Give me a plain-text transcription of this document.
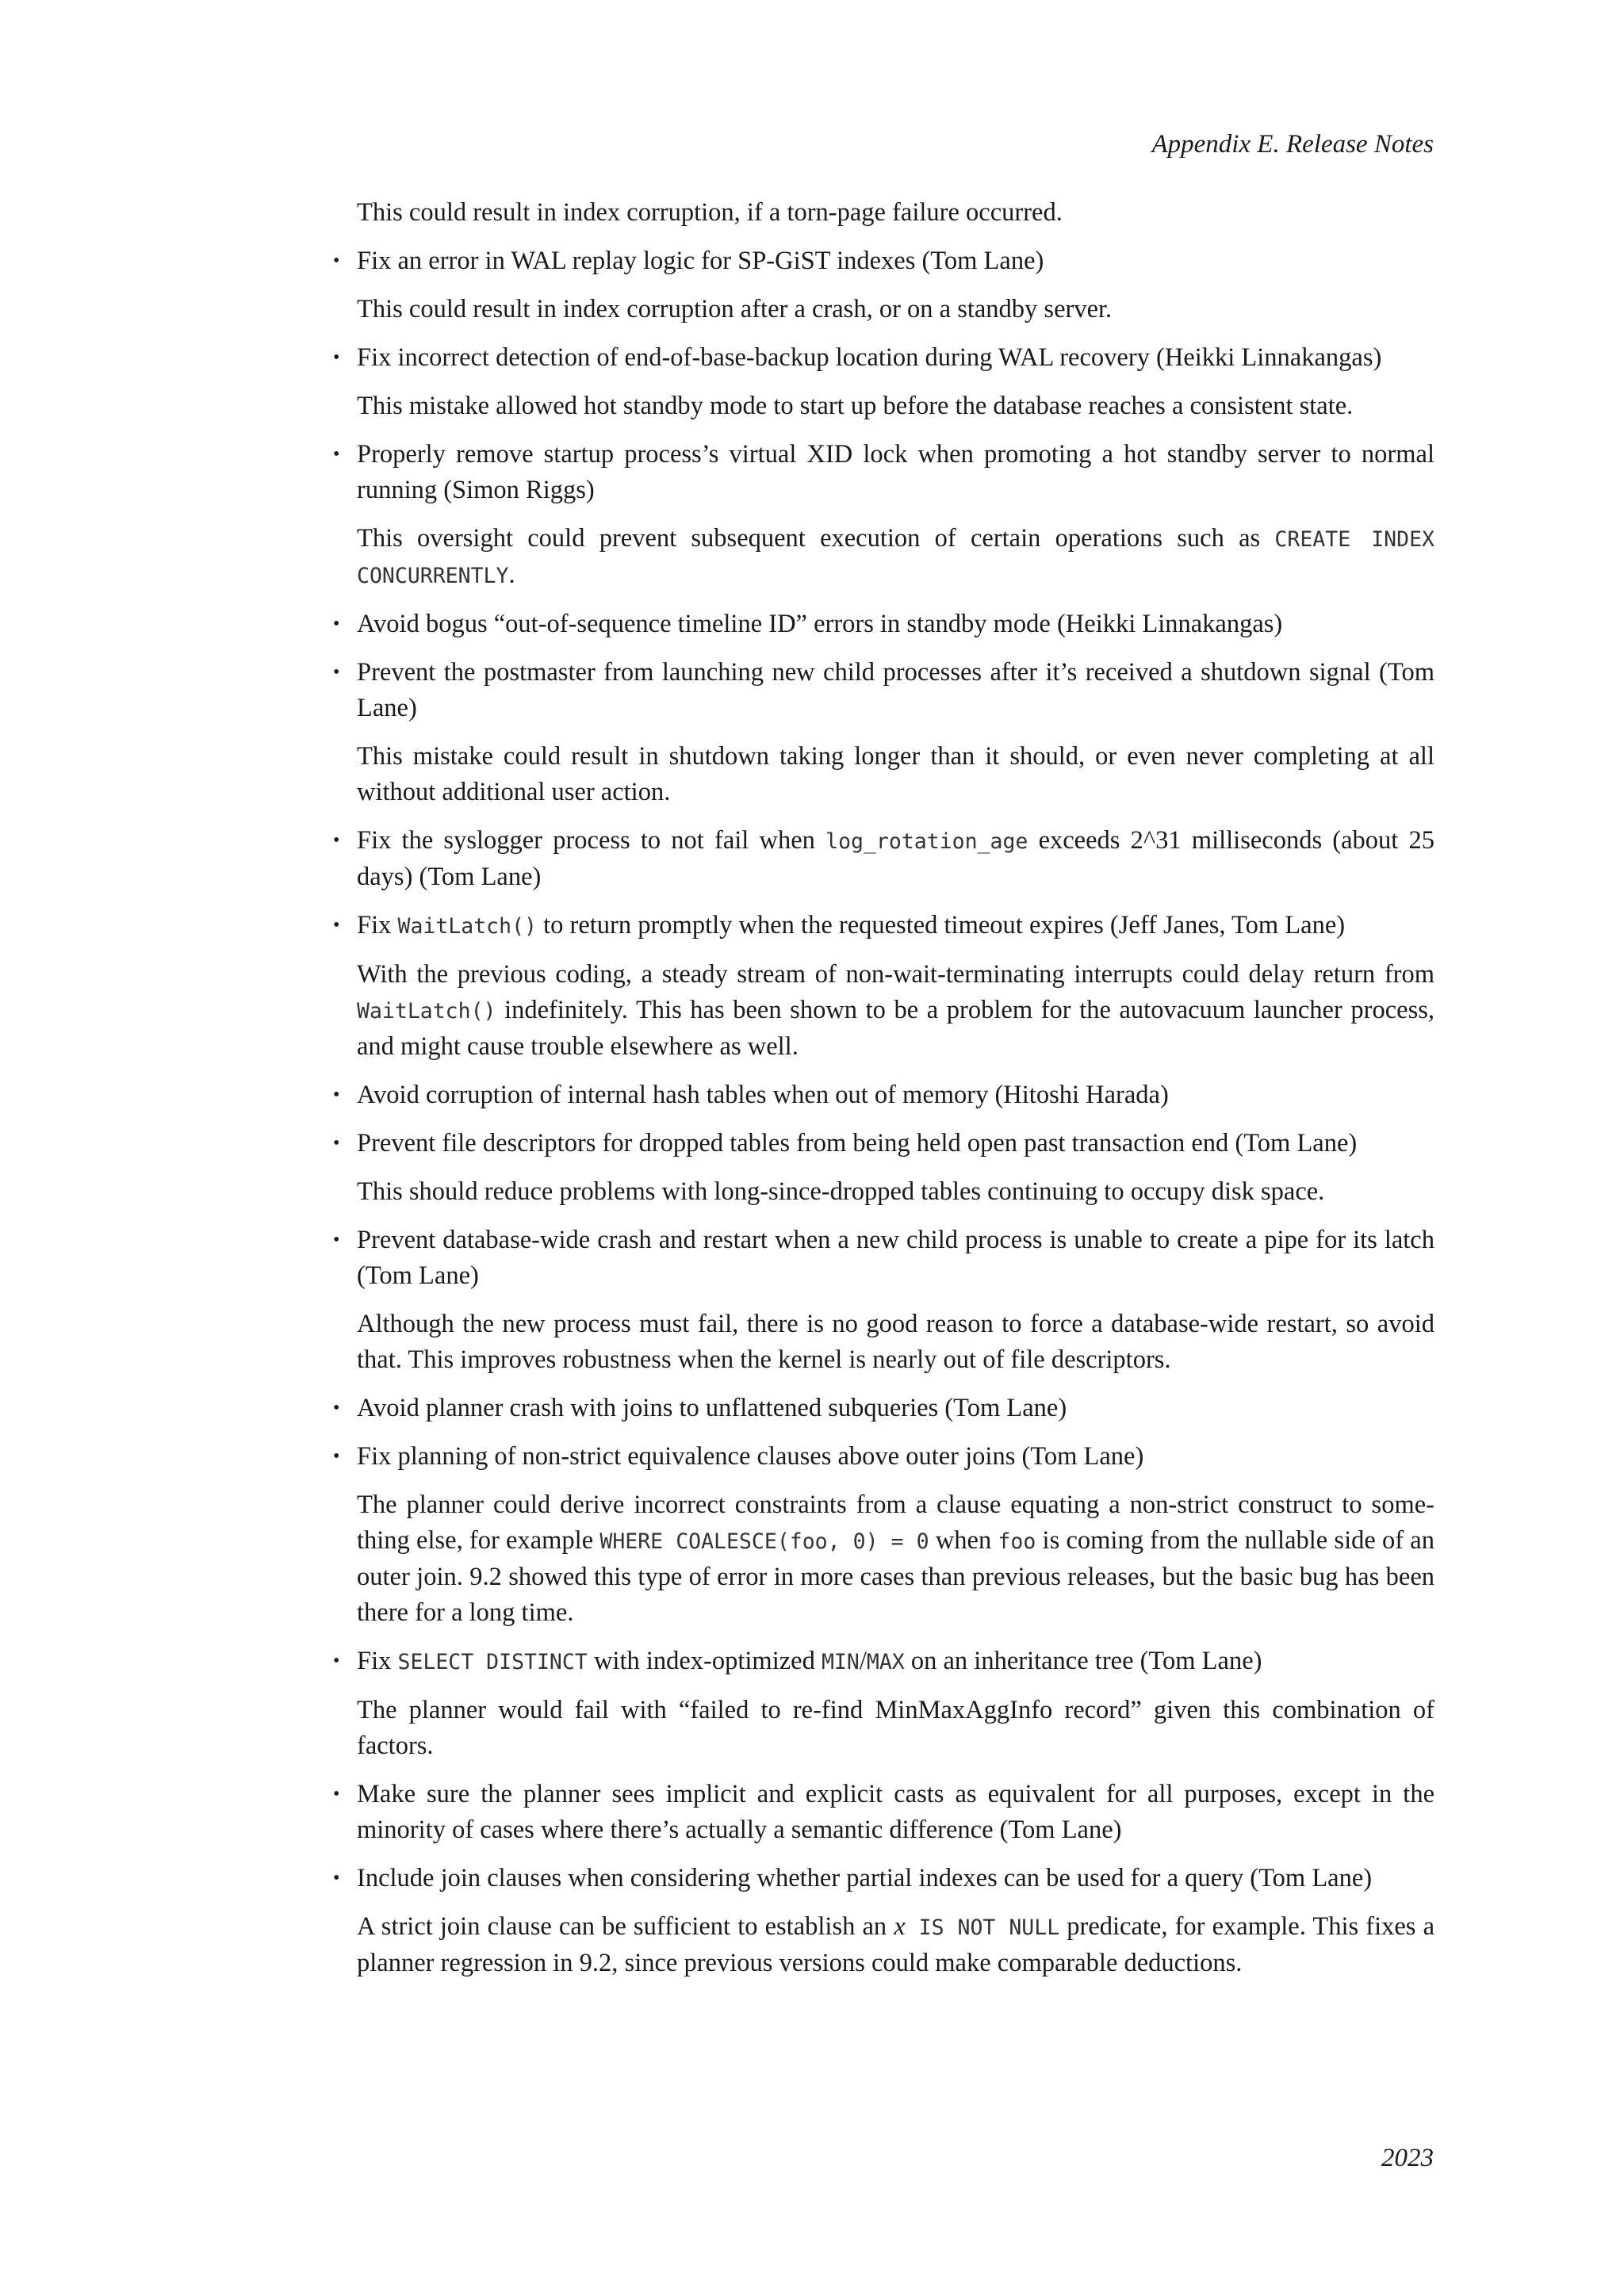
Appendix E. Release Notes

This could result in index corruption, if a torn-page failure occurred.

• Fix an error in WAL replay logic for SP-GiST indexes (Tom Lane)

This could result in index corruption after a crash, or on a standby server.

• Fix incorrect detection of end-of-base-backup location during WAL recovery (Heikki Linnakangas)

This mistake allowed hot standby mode to start up before the database reaches a consistent state.

• Properly remove startup process’s virtual XID lock when promoting a hot standby server to normal running (Simon Riggs)

This oversight could prevent subsequent execution of certain operations such as CREATE INDEX CONCURRENTLY.

• Avoid bogus “out-of-sequence timeline ID” errors in standby mode (Heikki Linnakangas)

• Prevent the postmaster from launching new child processes after it’s received a shutdown signal (Tom Lane)

This mistake could result in shutdown taking longer than it should, or even never completing at all without additional user action.

• Fix the syslogger process to not fail when log_rotation_age exceeds 2^31 milliseconds (about 25 days) (Tom Lane)

• Fix WaitLatch() to return promptly when the requested timeout expires (Jeff Janes, Tom Lane)

With the previous coding, a steady stream of non-wait-terminating interrupts could delay return from WaitLatch() indefinitely. This has been shown to be a problem for the autovacuum launcher process, and might cause trouble elsewhere as well.

• Avoid corruption of internal hash tables when out of memory (Hitoshi Harada)

• Prevent file descriptors for dropped tables from being held open past transaction end (Tom Lane)

This should reduce problems with long-since-dropped tables continuing to occupy disk space.

• Prevent database-wide crash and restart when a new child process is unable to create a pipe for its latch (Tom Lane)

Although the new process must fail, there is no good reason to force a database-wide restart, so avoid that. This improves robustness when the kernel is nearly out of file descriptors.

• Avoid planner crash with joins to unflattened subqueries (Tom Lane)

• Fix planning of non-strict equivalence clauses above outer joins (Tom Lane)

The planner could derive incorrect constraints from a clause equating a non-strict construct to something else, for example WHERE COALESCE(foo, 0) = 0 when foo is coming from the nullable side of an outer join. 9.2 showed this type of error in more cases than previous releases, but the basic bug has been there for a long time.

• Fix SELECT DISTINCT with index-optimized MIN/MAX on an inheritance tree (Tom Lane)

The planner would fail with “failed to re-find MinMaxAggInfo record” given this combination of factors.

• Make sure the planner sees implicit and explicit casts as equivalent for all purposes, except in the minority of cases where there’s actually a semantic difference (Tom Lane)

• Include join clauses when considering whether partial indexes can be used for a query (Tom Lane)

A strict join clause can be sufficient to establish an x IS NOT NULL predicate, for example. This fixes a planner regression in 9.2, since previous versions could make comparable deductions.

2023
